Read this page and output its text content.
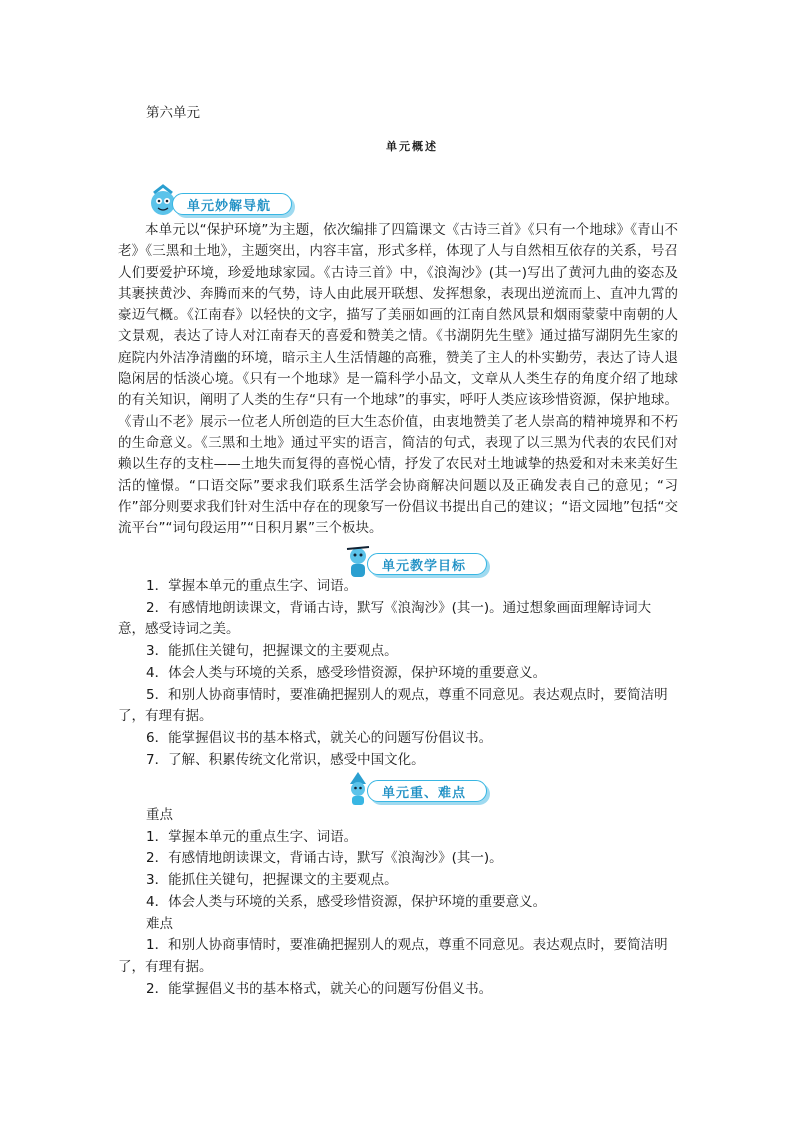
第六单元
单元概述
单元妙解导航

本单元以“保护环境”为主题，依次编排了四篇课文《古诗三首》《只有一个地球》《青山不老》《三黑和土地》，主题突出，内容丰富，形式多样，体现了人与自然相互依存的关系，号召人们要爱护环境，珍爱地球家园。《古诗三首》中，《浪淘沙》(其一)写出了黄河九曲的姿态及其裹挟黄沙、奔腾而来的气势，诗人由此展开联想、发挥想象，表现出逆流而上、直冲九霄的豪迈气概。《江南春》以轻快的文字，描写了美丽如画的江南自然风景和烟雨蒙蒙中南朝的人文景观，表达了诗人对江南春天的喜爱和赞美之情。《书湖阴先生壁》通过描写湖阴先生家的庭院内外洁净清幽的环境，暗示主人生活情趣的高雅，赞美了主人的朴实勤劳，表达了诗人退隐闲居的恬淡心境。《只有一个地球》是一篇科学小品文，文章从人类生存的角度介绍了地球的有关知识，阐明了人类的生存“只有一个地球”的事实，呼吁人类应该珍惜资源，保护地球。《青山不老》展示一位老人所创造的巨大生态价值，由衷地赞美了老人崇高的精神境界和不朽的生命意义。《三黑和土地》通过平实的语言，简洁的句式，表现了以三黑为代表的农民们对赖以生存的支柱——土地失而复得的喜悦心情，抒发了农民对土地诚挚的热爱和对未来美好生活的憧憬。“口语交际”要求我们联系生活学会协商解决问题以及正确发表自己的意见；“习作”部分则要求我们针对生活中存在的现象写一份倡议书提出自己的建议；“语文园地”包括“交流平台”“词句段运用”“日积月累”三个板块。

单元教学目标
1．掌握本单元的重点生字、词语。
2．有感情地朗读课文，背诵古诗，默写《浪淘沙》(其一)。通过想象画面理解诗词大意，感受诗词之美。
3．能抓住关键句，把握课文的主要观点。
4．体会人类与环境的关系，感受珍惜资源，保护环境的重要意义。
5．和别人协商事情时，要准确把握别人的观点，尊重不同意见。表达观点时，要简洁明了，有理有据。
6．能掌握倡议书的基本格式，就关心的问题写份倡议书。
7．了解、积累传统文化常识，感受中国文化。
单元重、难点
重点
1．掌握本单元的重点生字、词语。
2．有感情地朗读课文，背诵古诗，默写《浪淘沙》(其一)。
3．能抓住关键句，把握课文的主要观点。
4．体会人类与环境的关系，感受珍惜资源，保护环境的重要意义。
难点
1．和别人协商事情时，要准确把握别人的观点，尊重不同意见。表达观点时，要简洁明了，有理有据。
2．能掌握倡义书的基本格式，就关心的问题写份倡义书。
